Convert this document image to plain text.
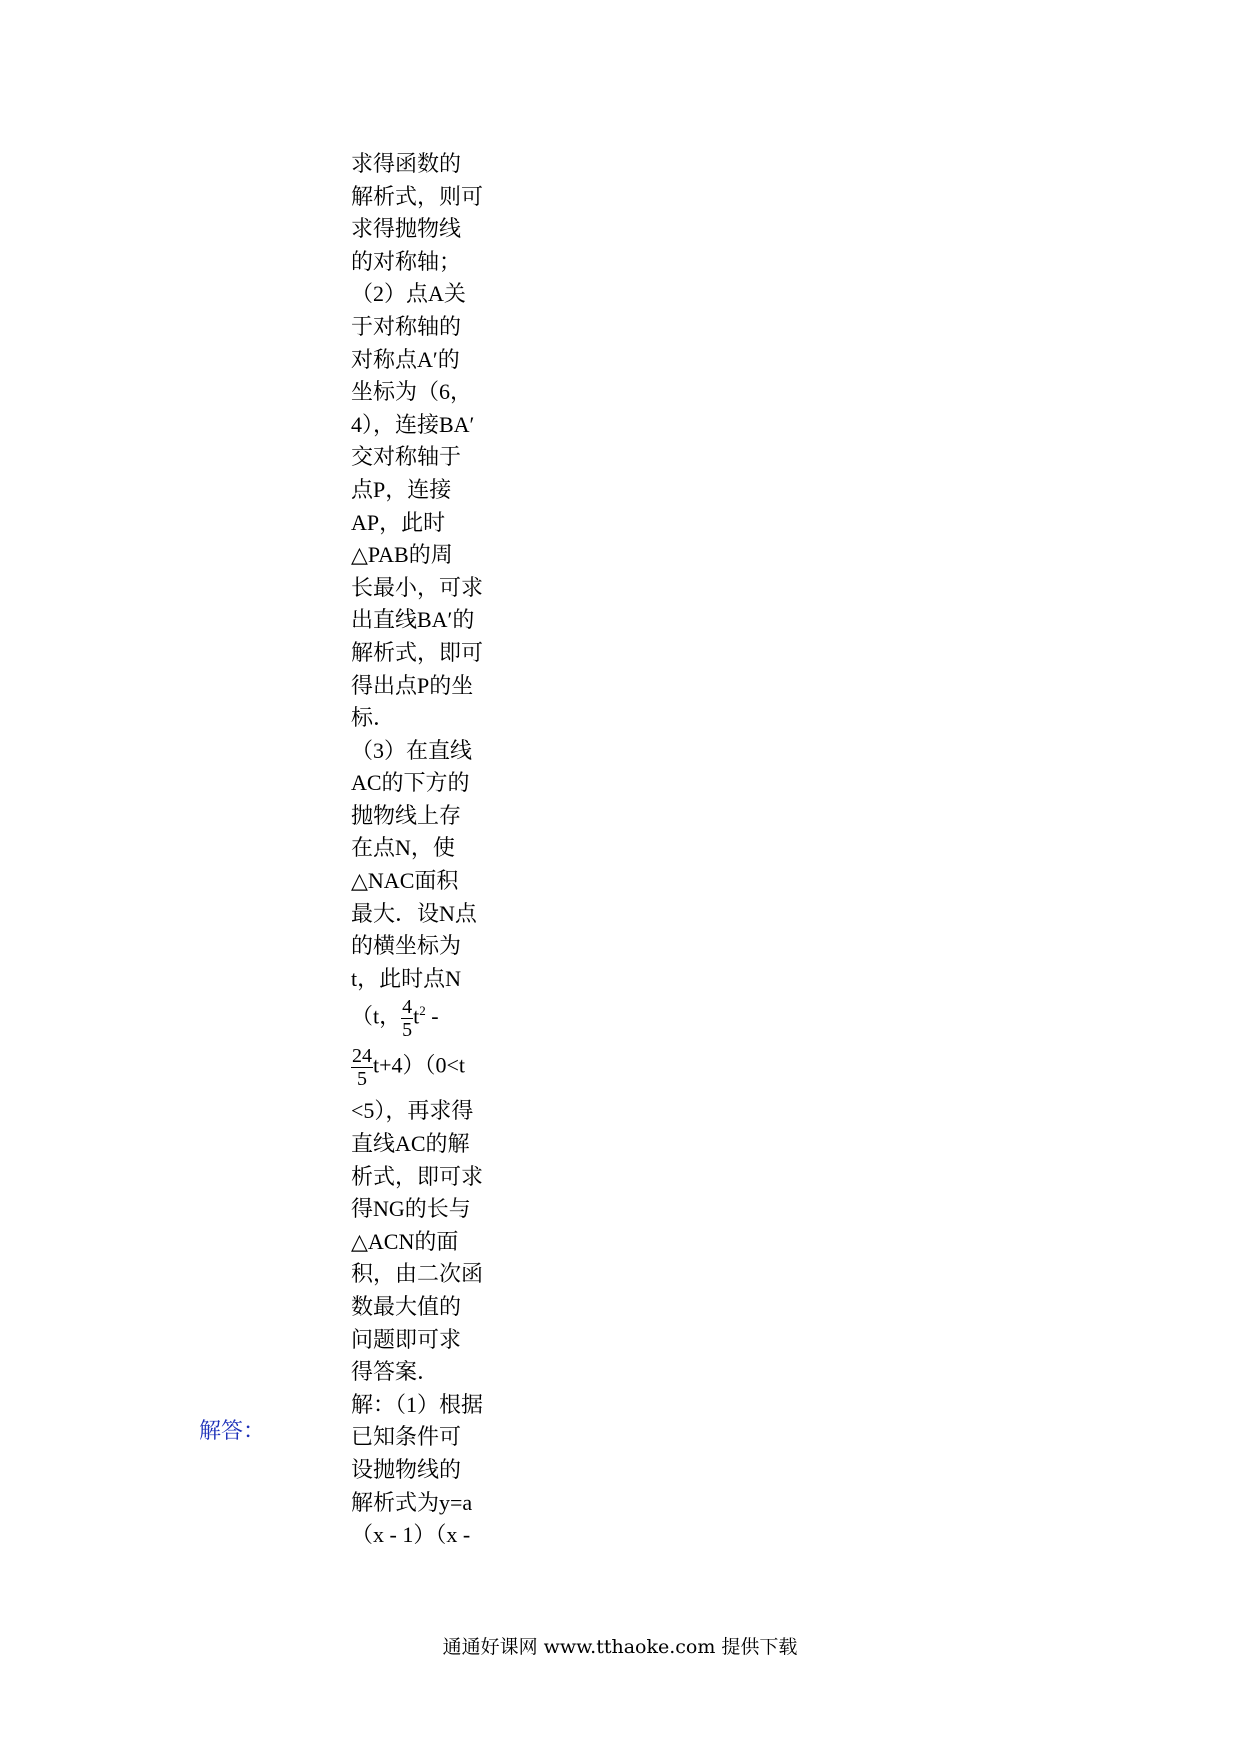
求得函数的
解析式，则可
求得抛物线
的对称轴；
（2）点A关
于对称轴的
对称点A′的
坐标为（6，
4），连接BA′
交对称轴于
点P，连接
AP，此时
△PAB的周
长最小，可求
出直线BA′的
解析式，即可
得出点P的坐
标．
（3）在直线
AC的下方的
抛物线上存
在点N，使
△NAC面积
最大．设N点
的横坐标为
t，此时点N
（t， $\frac{4}{5} t^2$ -
$\frac{24}{5} t+4)(0<t$
<5），再求得
直线AC的解
析式，即可求
得NG的长与
△ACN的面
积，由二次函
数最大值的
问题即可求
得答案．
解：（1）根据
已知条件可
设抛物线的
解析式为y=a
（x - 1）（x -
解答：
通通好课网 www.tthaoke.com 提供下载
